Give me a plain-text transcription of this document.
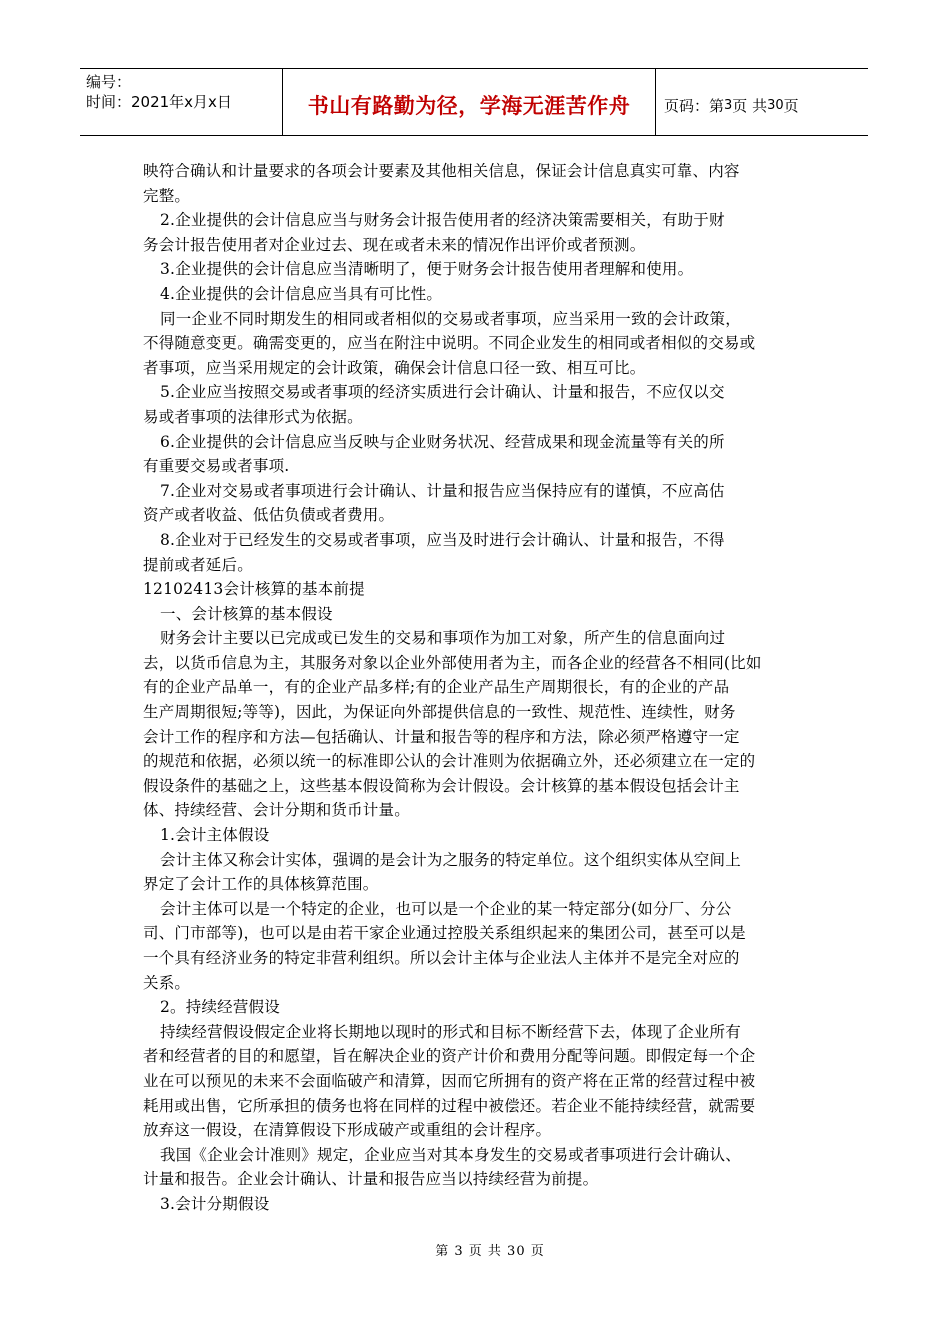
编号：
时间：2021年x月x日	书山有路勤为径，学海无涯苦作舟	页码：第 3 页 共 30 页
映符合确认和计量要求的各项会计要素及其他相关信息，保证会计信息真实可靠、内容
完整。
2.企业提供的会计信息应当与财务会计报告使用者的经济决策需要相关，有助于财
务会计报告使用者对企业过去、现在或者未来的情况作出评价或者预测。
3.企业提供的会计信息应当清晰明了，便于财务会计报告使用者理解和使用。
4.企业提供的会计信息应当具有可比性。
同一企业不同时期发生的相同或者相似的交易或者事项，应当采用一致的会计政策，
不得随意变更。确需变更的，应当在附注中说明。不同企业发生的相同或者相似的交易或
者事项，应当采用规定的会计政策，确保会计信息口径一致、相互可比。
5.企业应当按照交易或者事项的经济实质进行会计确认、计量和报告，不应仅以交
易或者事项的法律形式为依据。
6.企业提供的会计信息应当反映与企业财务状况、经营成果和现金流量等有关的所
有重要交易或者事项.
7.企业对交易或者事项进行会计确认、计量和报告应当保持应有的谨慎，不应高估
资产或者收益、低估负债或者费用。
8.企业对于已经发生的交易或者事项，应当及时进行会计确认、计量和报告，不得
提前或者延后。
12102413会计核算的基本前提
一、会计核算的基本假设
财务会计主要以已完成或已发生的交易和事项作为加工对象，所产生的信息面向过
去，以货币信息为主，其服务对象以企业外部使用者为主，而各企业的经营各不相同(比如
有的企业产品单一，有的企业产品多样;有的企业产品生产周期很长，有的企业的产品
生产周期很短;等等)，因此，为保证向外部提供信息的一致性、规范性、连续性，财务
会计工作的程序和方法—包括确认、计量和报告等的程序和方法，除必须严格遵守一定
的规范和依据，必须以统一的标准即公认的会计准则为依据确立外，还必须建立在一定的
假设条件的基础之上，这些基本假设简称为会计假设。会计核算的基本假设包括会计主
体、持续经营、会计分期和货币计量。
1.会计主体假设
会计主体又称会计实体，强调的是会计为之服务的特定单位。这个组织实体从空间上
界定了会计工作的具体核算范围。
会计主体可以是一个特定的企业，也可以是一个企业的某一特定部分(如分厂、分公
司、门市部等)，也可以是由若干家企业通过控股关系组织起来的集团公司，甚至可以是
一个具有经济业务的特定非营利组织。所以会计主体与企业法人主体并不是完全对应的
关系。
2。持续经营假设
持续经营假设假定企业将长期地以现时的形式和目标不断经营下去，体现了企业所有
者和经营者的目的和愿望，旨在解决企业的资产计价和费用分配等问题。即假定每一个企
业在可以预见的未来不会面临破产和清算，因而它所拥有的资产将在正常的经营过程中被
耗用或出售，它所承担的债务也将在同样的过程中被偿还。若企业不能持续经营，就需要
放弃这一假设，在清算假设下形成破产或重组的会计程序。
我国《企业会计准则》规定，企业应当对其本身发生的交易或者事项进行会计确认、
计量和报告。企业会计确认、计量和报告应当以持续经营为前提。
3.会计分期假设
第 3 页 共 30 页
